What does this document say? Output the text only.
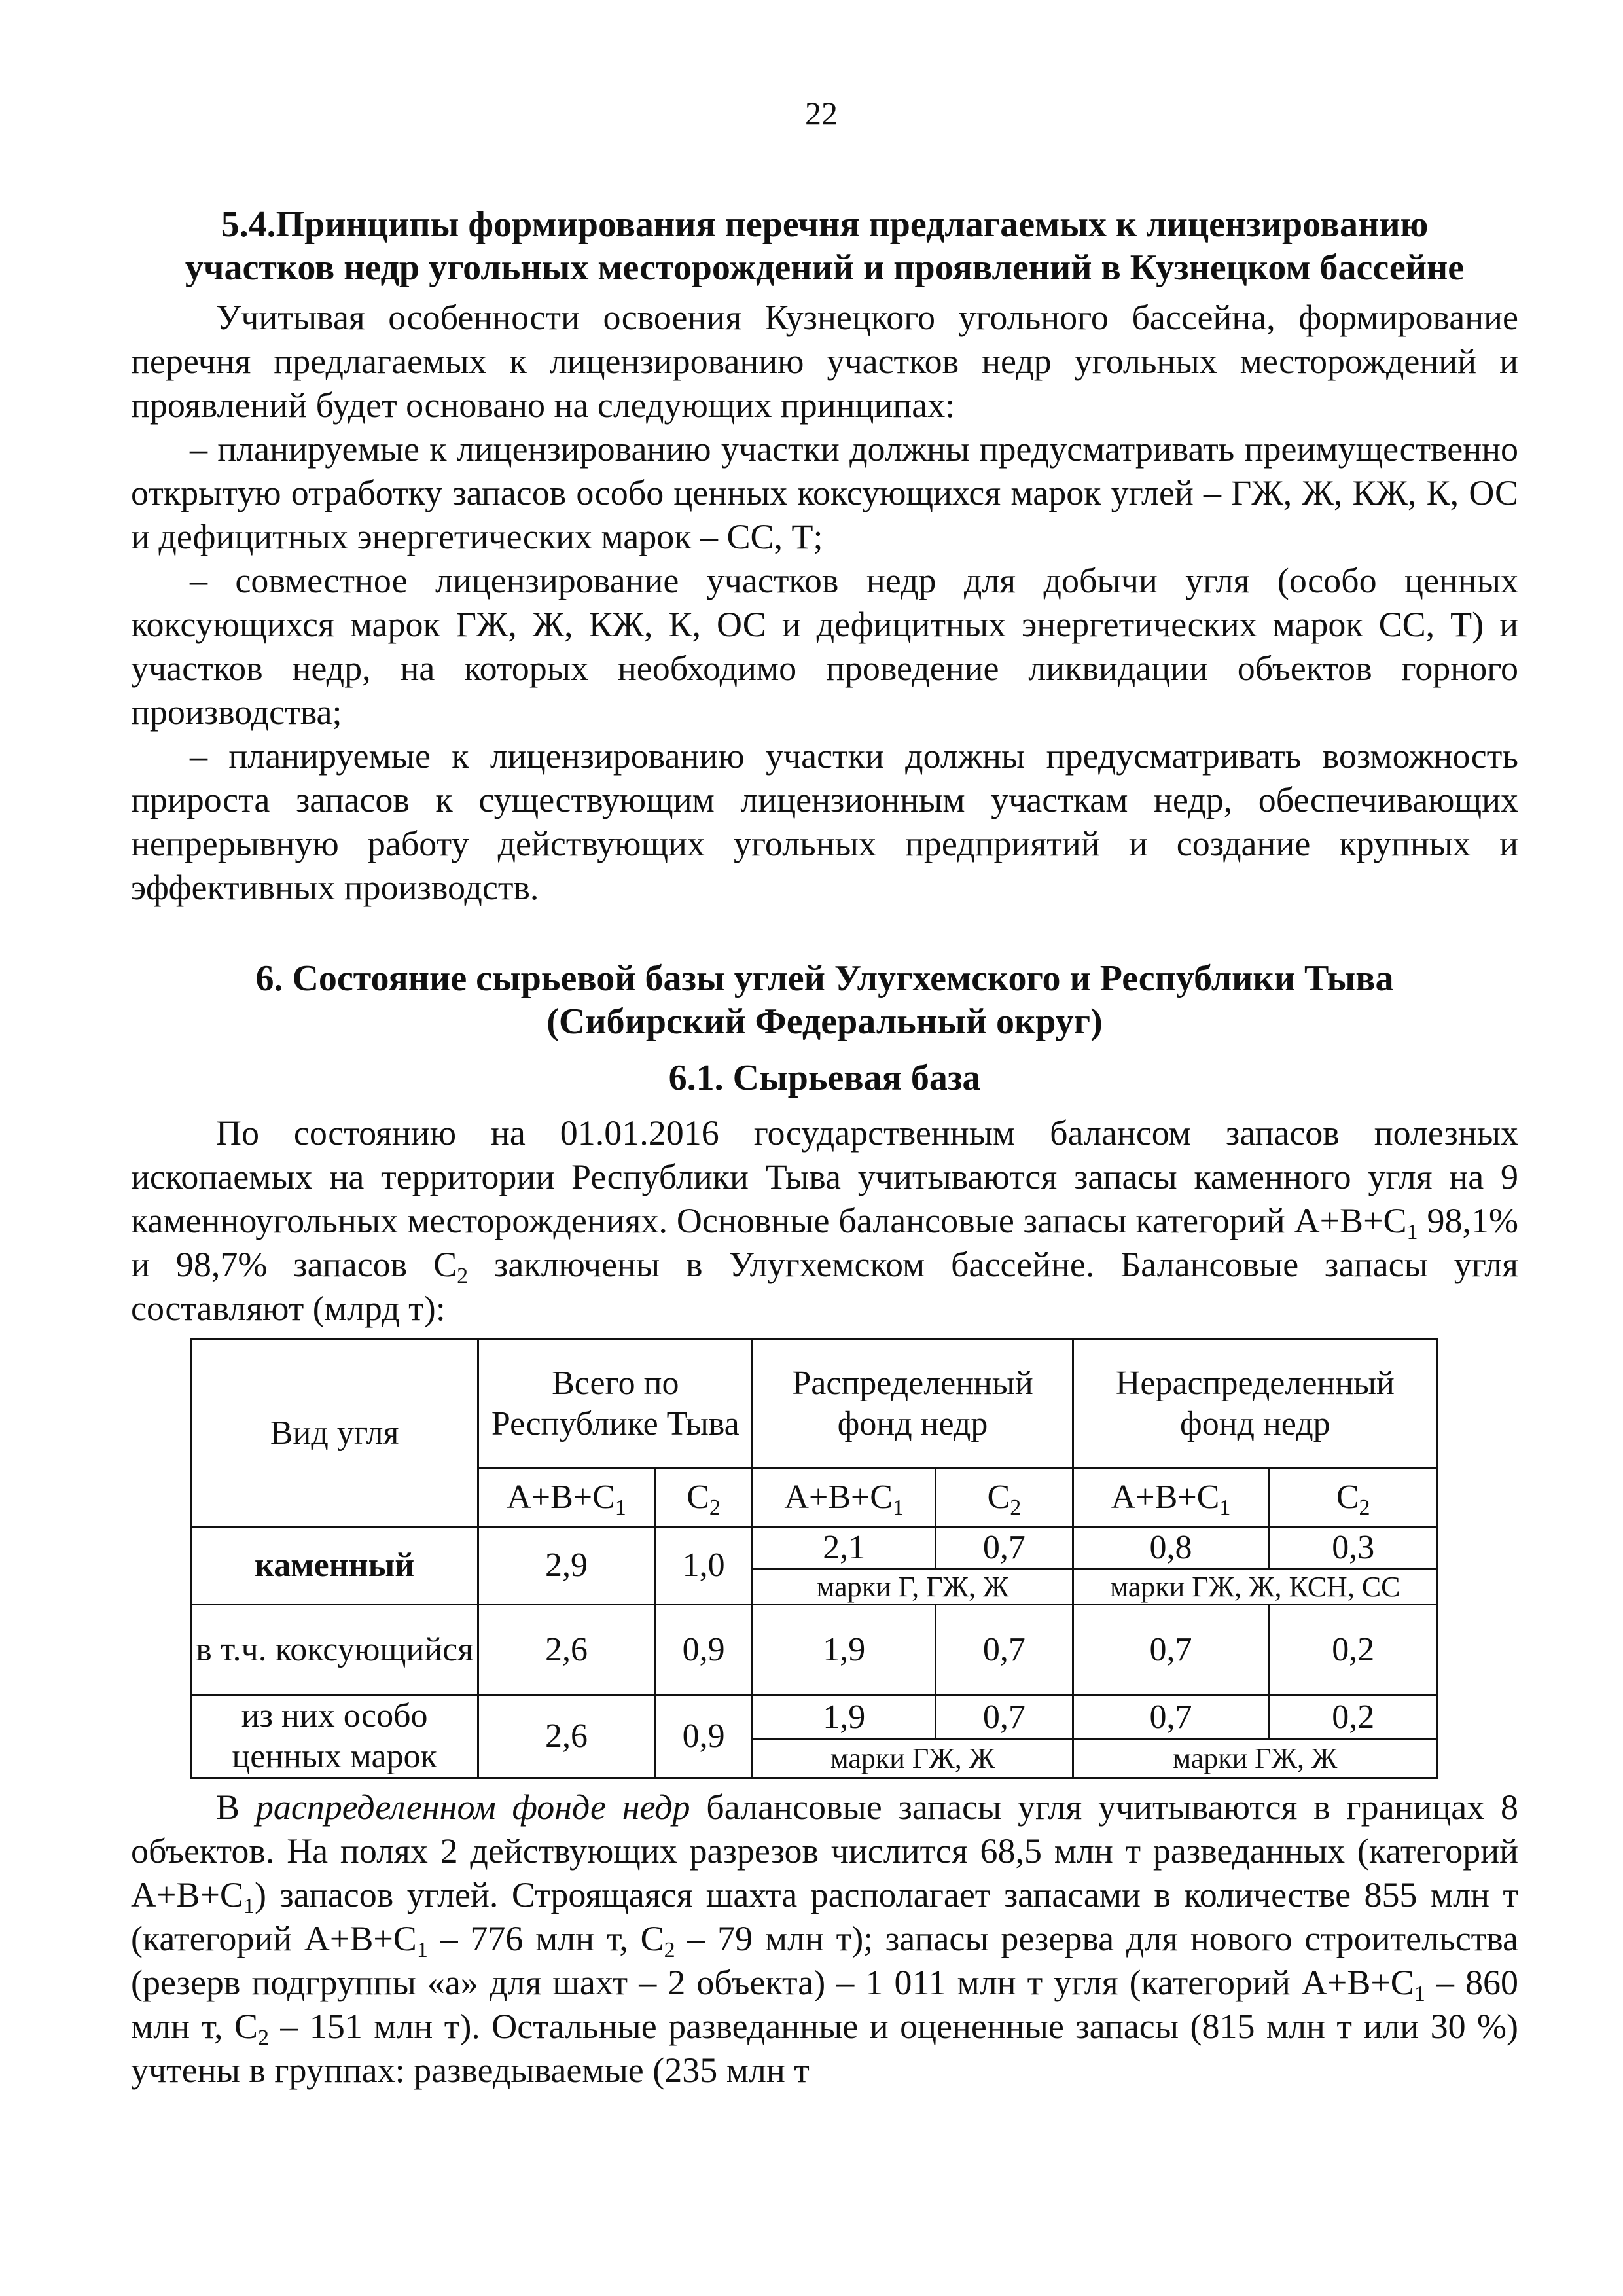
22
5.4.Принципы формирования перечня предлагаемых к лицензированию
участков недр угольных месторождений и проявлений в Кузнецком бассейне

Учитывая особенности освоения Кузнецкого угольного бассейна, формирование перечня предлагаемых к лицензированию участков недр угольных месторождений и проявлений будет основано на следующих принципах:

– планируемые к лицензированию участки должны предусматривать преимущественно открытую отработку запасов особо ценных коксующихся марок углей – ГЖ, Ж, КЖ, К, ОС и дефицитных энергетических марок – СС, Т;

– совместное лицензирование участков недр для добычи угля (особо ценных коксующихся марок ГЖ, Ж, КЖ, К, ОС и дефицитных энергетических марок СС, Т) и участков недр, на которых необходимо проведение ликвидации объектов горного производства;

– планируемые к лицензированию участки должны предусматривать возможность прироста запасов к существующим лицензионным участкам недр, обеспечивающих непрерывную работу действующих угольных предприятий и создание крупных и эффективных производств.

6. Состояние сырьевой базы углей Улугхемского и Республики Тыва
(Сибирский Федеральный округ)
6.1. Сырьевая база

По состоянию на 01.01.2016 государственным балансом запасов полезных ископаемых на территории Республики Тыва учитываются запасы каменного угля на 9 каменноугольных месторождениях. Основные балансовые запасы категорий $А+В+С_1$ 98,1% и 98,7% запасов $С_2$ заключены в Улугхемском бассейне. Балансовые запасы угля составляют (млрд т):

Вид угля	Всего по Республике Тыва		Распределенный фонд недр		Нераспределенный фонд недр	
	$А+В+С_1$	$С_2$	$А+В+С_1$	$С_2$	$А+В+С_1$	$С_2$
каменный	2,9	1,0	2,1	0,7	0,8	0,3
			марки Г, ГЖ, Ж		марки ГЖ, Ж, КСН, СС	
в т.ч. коксующийся	2,6	0,9	1,9	0,7	0,7	0,2
из них особо ценных марок	2,6	0,9	1,9	0,7	0,7	0,2
			марки ГЖ, Ж		марки ГЖ, Ж	

В распределенном фонде недр балансовые запасы угля учитываются в границах 8 объектов. На полях 2 действующих разрезов числится 68,5 млн т разведанных (категорий $А+В+С_1$) запасов углей. Строящаяся шахта располагает запасами в количестве 855 млн т (категорий $А+В+С_1 - 776$ млн т, $С_2 - 79$ млн т); запасы резерва для нового строительства (резерв подгруппы «а» для шахт – 2 объекта) – 1 011 млн т угля (категорий $А+В+С_1 - 860$ млн т, $С_2 - 151$ млн т). Остальные разведанные и оцененные запасы (815 млн т или 30 %) учтены в группах: разведываемые (235 млн т
